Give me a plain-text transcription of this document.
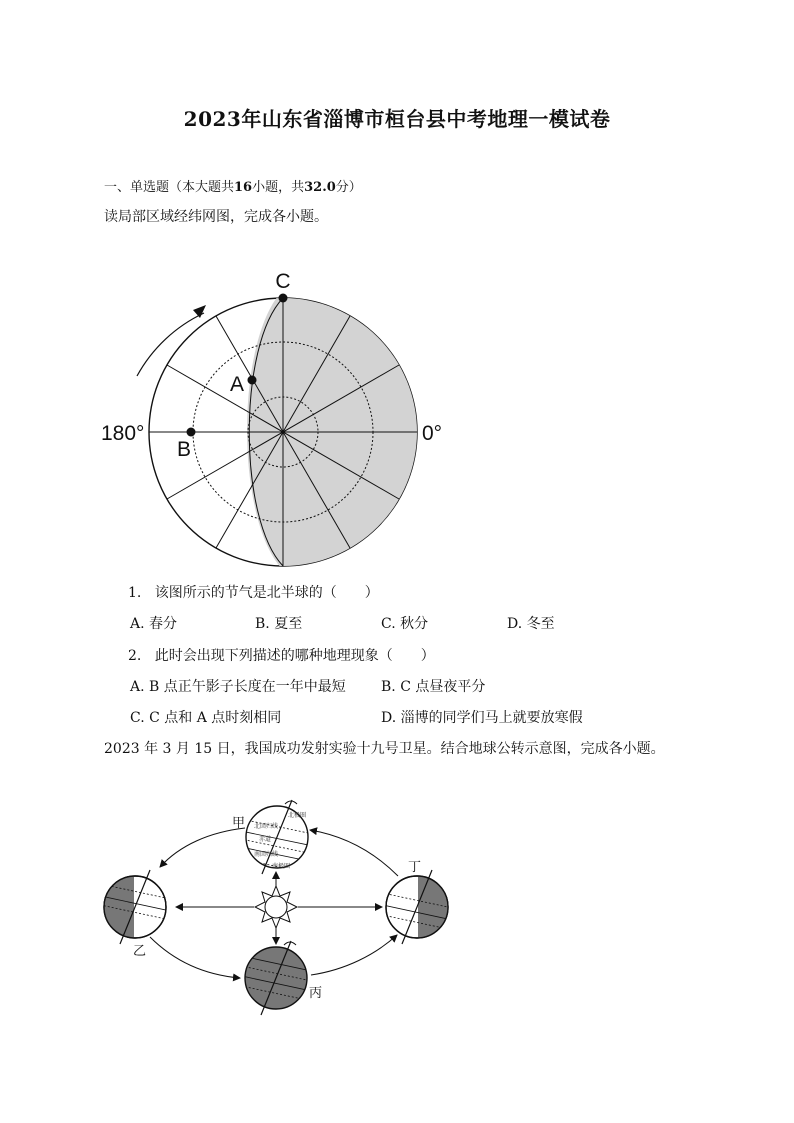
2023年山东省淄博市桓台县中考地理一模试卷
一、单选题（本大题共16小题，共32.0分）
读局部区域经纬网图，完成各小题。
C
A
B
180°	0°
1. 该图所示的节气是北半球的（　　）
A. 春分	B. 夏至	C. 秋分	D. 冬至
2. 此时会出现下列描述的哪种地理现象（　　）
A. B 点正午影子长度在一年中最短	B. C 点昼夜平分
C. C 点和 A 点时刻相同	D. 淄博的同学们马上就要放寒假
2023 年 3 月 15 日，我国成功发射实验十九号卫星。结合地球公转示意图，完成各小题。
北极圈
北回归线
赤道
南回归线
南极圈
甲
乙
丙
丁
